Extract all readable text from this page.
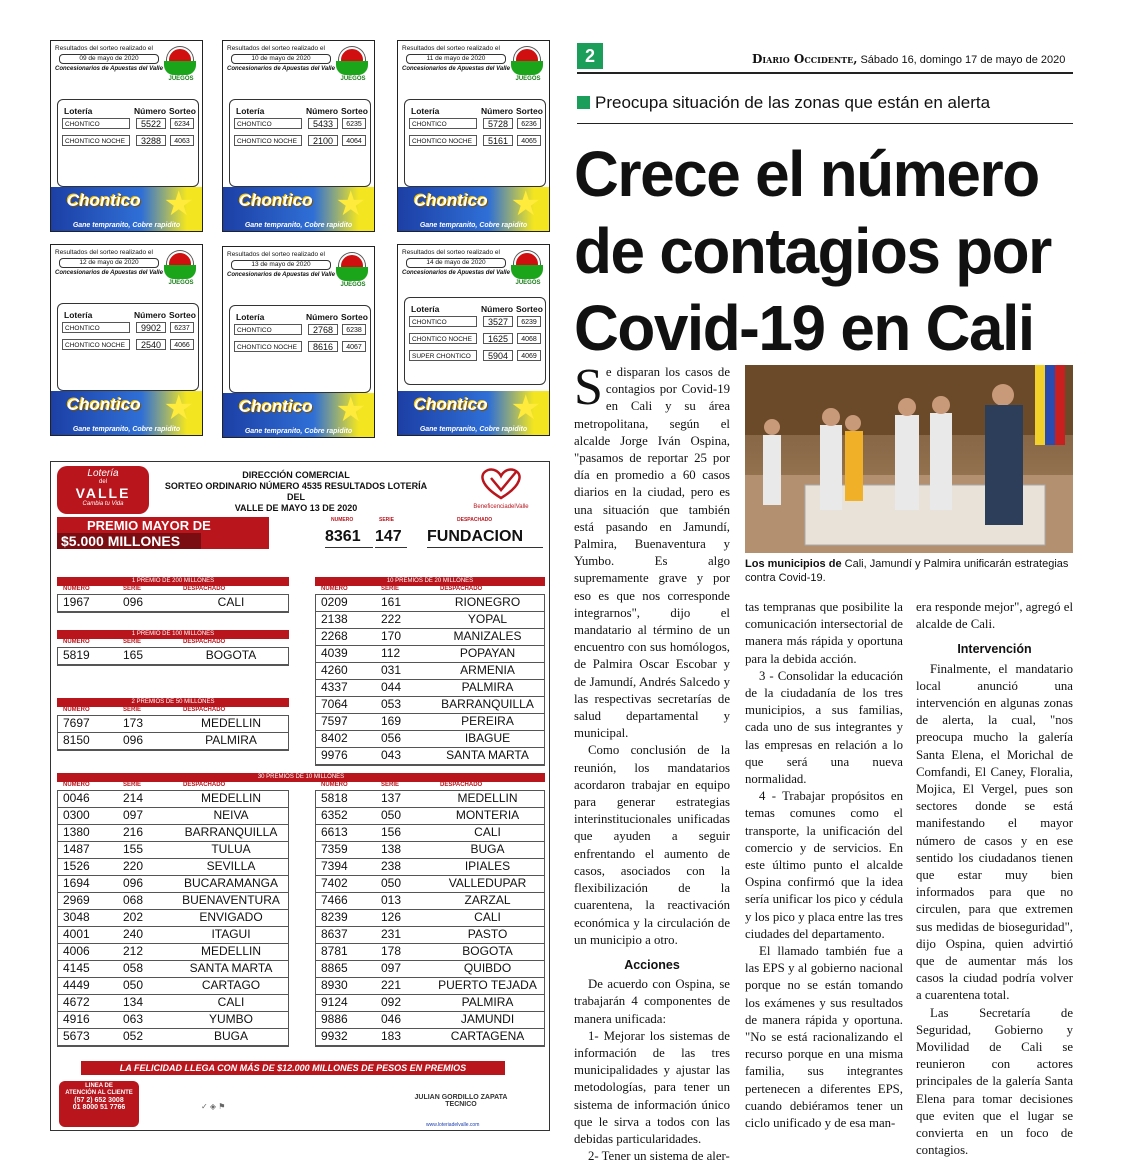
Resultados del sorteo realizado el
09 de mayo de 2020
Concesionarios de Apuestas del Valle
JUEGOS
Lotería	Número Sorteo
CHONTICO	5522	6234
CHONTICO NOCHE	3288	4063
Chontico ★
Gane tempranito, Cobre rapidito
Resultados del sorteo realizado el
10 de mayo de 2020
Concesionarios de Apuestas del Valle
JUEGOS
Lotería	Número Sorteo
CHONTICO	5433	6235
CHONTICO NOCHE	2100	4064
Chontico ★
Gane tempranito, Cobre rapidito
Resultados del sorteo realizado el
11 de mayo de 2020
Concesionarios de Apuestas del Valle
JUEGOS
Lotería	Número Sorteo
CHONTICO	5728	6236
CHONTICO NOCHE	5161	4065
Chontico ★
Gane tempranito, Cobre rapidito
Resultados del sorteo realizado el
12 de mayo de 2020
Concesionarios de Apuestas del Valle
JUEGOS
Lotería	Número Sorteo
CHONTICO	9902	6237
CHONTICO NOCHE	2540	4066
Chontico ★
Gane tempranito, Cobre rapidito
Resultados del sorteo realizado el
13 de mayo de 2020
Concesionarios de Apuestas del Valle
JUEGOS
Lotería	Número Sorteo
CHONTICO	2768	6238
CHONTICO NOCHE	8616	4067
Chontico ★
Gane tempranito, Cobre rapidito
Resultados del sorteo realizado el
14 de mayo de 2020
Concesionarios de Apuestas del Valle
JUEGOS
Lotería	Número Sorteo
CHONTICO	3527	6239
CHONTICO NOCHE	1625	4068
SUPER CHONTICO	5904	4069
Chontico ★
Gane tempranito, Cobre rapidito
Lotería
del
VALLE
Cambia tu Vida
DIRECCIÓN COMERCIAL
SORTEO ORDINARIO NÚMERO 4535 RESULTADOS LOTERÍA DEL
VALLE DE MAYO 13 DE 2020	BeneficenciadelValle
PREMIO MAYOR DE
$5.000 MILLONES
NUMERO	SERIE	DESPACHADO
8361 147	FUNDACION
1 PREMIO DE 200 MILLONES
NUMERO	SERIE	DESPACHADO
1967	096	CALI
1 PREMIO DE 100 MILLONES
NUMERO	SERIE	DESPACHADO
5819	165	BOGOTA
2 PREMIOS DE 50 MILLONES
NUMERO	SERIE	DESPACHADO
7697	173	MEDELLIN
8150	096	PALMIRA
10 PREMIOS DE 20 MILLONES
NUMERO	SERIE	DESPACHADO
0209	161	RIONEGRO
2138	222	YOPAL
2268	170	MANIZALES
4039	112	POPAYAN
4260	031	ARMENIA
4337	044	PALMIRA
7064	053	BARRANQUILLA
7597	169	PEREIRA
8402	056	IBAGUE
9976	043	SANTA MARTA
30 PREMIOS DE 10 MILLONES
NUMERO	SERIE	DESPACHADO
0046	214	MEDELLIN
0300	097	NEIVA
1380	216	BARRANQUILLA
1487	155	TULUA
1526	220	SEVILLA
1694	096	BUCARAMANGA
2969	068	BUENAVENTURA
3048	202	ENVIGADO
4001	240	ITAGUI
4006	212	MEDELLIN
4145	058	SANTA MARTA
4449	050	CARTAGO
4672	134	CALI
4916	063	YUMBO
5673	052	BUGA
NUMERO	SERIE	DESPACHADO
5818	137	MEDELLIN
6352	050	MONTERIA
6613	156	CALI
7359	138	BUGA
7394	238	IPIALES
7402	050	VALLEDUPAR
7466	013	ZARZAL
8239	126	CALI
8637	231	PASTO
8781	178	BOGOTA
8865	097	QUIBDO
8930	221	PUERTO TEJADA
9124	092	PALMIRA
9886	046	JAMUNDI
9932	183	CARTAGENA
LA FELICIDAD LLEGA CON MÁS DE $12.000 MILLONES DE PESOS EN PREMIOS
LINEA DE
ATENCIÓN AL CLIENTE
(57 2) 652 3008
01 8000 51 7766	✓ ◈ ⚑
JULIAN GORDILLO ZAPATA
TECNICO
www.loteriadelvalle.com
2	Diario Occidente, Sábado 16, domingo 17 de mayo de 2020
Preocupa situación de las zonas que están en alerta
Crece el número de contagios por Covid-19 en Cali

Se disparan los casos de contagios por Covid-19 en Cali y su área metropolitana, según el alcalde Jorge Iván Ospina, "pasamos de reportar 25 por día en promedio a 60 casos diarios en la ciudad, pero es una situación que también está pasando en Jamundí, Palmira, Buenaventura y Yumbo. Es algo supremamente grave y por eso es que nos corresponde integrarnos", dijo el mandatario al término de un encuentro con sus homólogos, de Palmira Oscar Escobar y de Jamundí, Andrés Salcedo y las respectivas secretarías de salud departamental y municipal.

Como conclusión de la reunión, los mandatarios acordaron trabajar en equipo para generar estrategias interinstitucionales unificadas que ayuden a seguir enfrentando el aumento de casos, asociados con la flexibilización de la cuarentena, la reactivación económica y la circulación de un municipio a otro.

Acciones

De acuerdo con Ospina, se trabajarán 4 componentes de manera unificada:

1- Mejorar los sistemas de información de las tres municipalidades y ajustar las metodologías, para tener un sistema de información único que le sirva a todos con las debidas particularidades.

2- Tener un sistema de aler-

Los municipios de Cali, Jamundí y Palmira unificarán estrategias contra Covid-19.

tas tempranas que posibilite la comunicación intersectorial de manera más rápida y oportuna para la debida acción.

3 - Consolidar la educación de la ciudadanía de los tres municipios, a sus familias, cada uno de sus integrantes y las empresas en relación a lo que será una nueva normalidad.

4 - Trabajar propósitos en temas comunes como el transporte, la unificación del comercio y de servicios. En este último punto el alcalde Ospina confirmó que la idea sería unificar los pico y cédula y los pico y placa entre las tres ciudades del departamento.

El llamado también fue a las EPS y al gobierno nacional porque no se están tomando los exámenes y sus resultados de manera rápida y oportuna. "No se está racionalizando el recurso porque en una misma familia, sus integrantes pertenecen a diferentes EPS, cuando debiéramos tener un ciclo unificado y de esa man-

era responde mejor", agregó el alcalde de Cali.

Intervención

Finalmente, el mandatario local anunció una intervención en algunas zonas de alerta, la cual, "nos preocupa mucho la galería Santa Elena, el Morichal de Comfandi, El Caney, Floralia, Mojica, El Vergel, pues son sectores donde se está manifestando el mayor número de casos y en ese sentido los ciudadanos tienen que estar muy bien informados para que no circulen, para que extremen sus medidas de bioseguridad", dijo Ospina, quien advirtió que de aumentar más los casos la ciudad podría volver a cuarentena total.

Las Secretaría de Seguridad, Gobierno y Movilidad de Cali se reunieron con actores principales de la galería Santa Elena para tomar decisiones que eviten que el lugar se convierta en un foco de contagios.
